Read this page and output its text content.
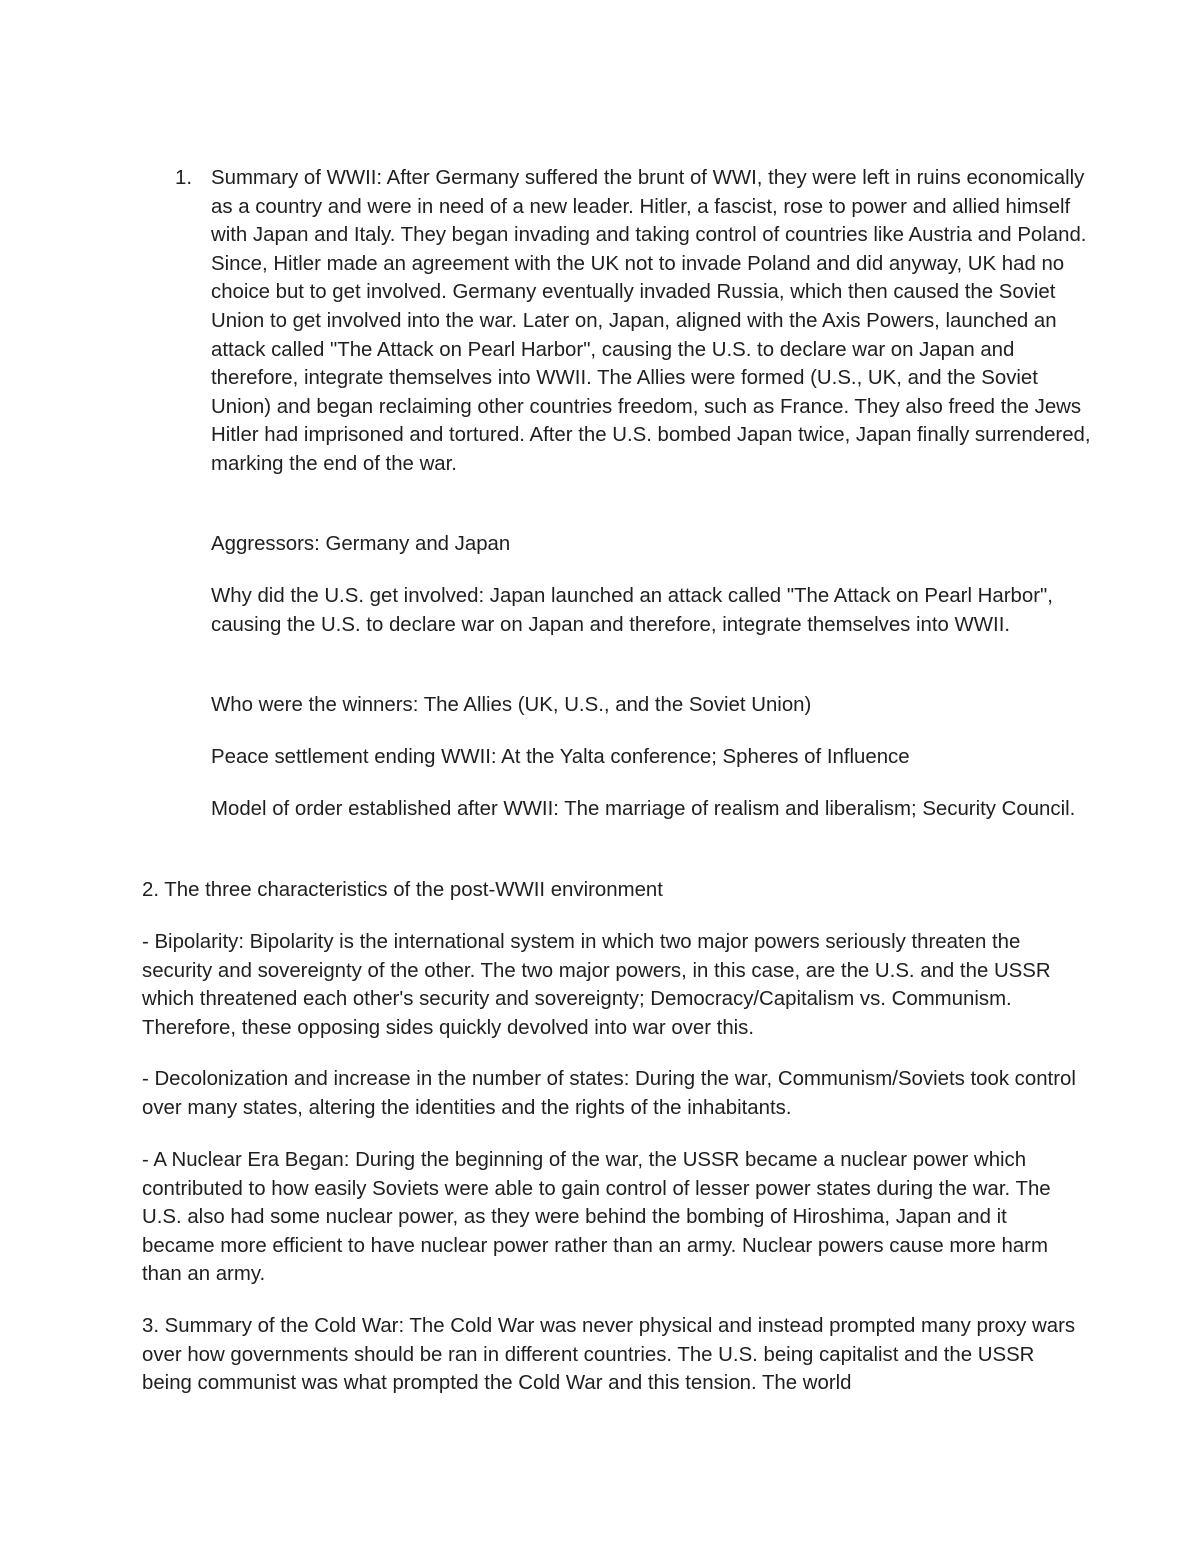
1. Summary of WWII: After Germany suffered the brunt of WWI, they were left in ruins economically as a country and were in need of a new leader. Hitler, a fascist, rose to power and allied himself with Japan and Italy. They began invading and taking control of countries like Austria and Poland. Since, Hitler made an agreement with the UK not to invade Poland and did anyway, UK had no choice but to get involved. Germany eventually invaded Russia, which then caused the Soviet Union to get involved into the war. Later on, Japan, aligned with the Axis Powers, launched an attack called "The Attack on Pearl Harbor", causing the U.S. to declare war on Japan and therefore, integrate themselves into WWII. The Allies were formed (U.S., UK, and the Soviet Union) and began reclaiming other countries freedom, such as France. They also freed the Jews Hitler had imprisoned and tortured. After the U.S. bombed Japan twice, Japan finally surrendered, marking the end of the war.

Aggressors: Germany and Japan

Why did the U.S. get involved: Japan launched an attack called "The Attack on Pearl Harbor", causing the U.S. to declare war on Japan and therefore, integrate themselves into WWII.

Who were the winners: The Allies (UK, U.S., and the Soviet Union)

Peace settlement ending WWII: At the Yalta conference; Spheres of Influence

Model of order established after WWII: The marriage of realism and liberalism; Security Council.

2. The three characteristics of the post-WWII environment

- Bipolarity: Bipolarity is the international system in which two major powers seriously threaten the security and sovereignty of the other. The two major powers, in this case, are the U.S. and the USSR which threatened each other's security and sovereignty; Democracy/Capitalism vs. Communism. Therefore, these opposing sides quickly devolved into war over this.

- Decolonization and increase in the number of states: During the war, Communism/Soviets took control over many states, altering the identities and the rights of the inhabitants.

- A Nuclear Era Began: During the beginning of the war, the USSR became a nuclear power which contributed to how easily Soviets were able to gain control of lesser power states during the war. The U.S. also had some nuclear power, as they were behind the bombing of Hiroshima, Japan and it became more efficient to have nuclear power rather than an army. Nuclear powers cause more harm than an army.

3. Summary of the Cold War: The Cold War was never physical and instead prompted many proxy wars over how governments should be ran in different countries. The U.S. being capitalist and the USSR being communist was what prompted the Cold War and this tension. The world
